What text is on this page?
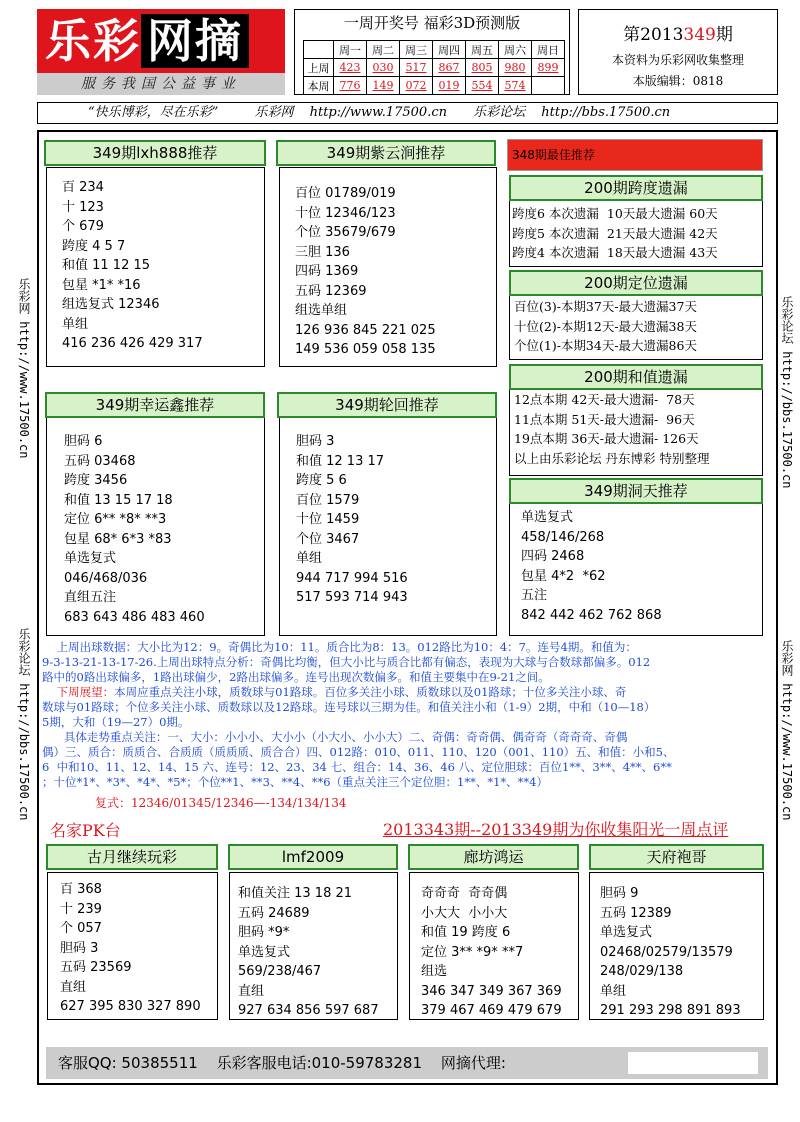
乐彩 网摘
服务我国公益事业
一周开奖号 福彩3D预测版
	周一	周二	周三	周四	周五	周六	周日
上周	423	030	517	867	805	980	899
本周	776	149	072	019	554	574	
第2013349期
本资料为乐彩网收集整理
本版编辑：0818
“快乐博彩，尽在乐彩”	乐彩网 http://www.17500.cn 乐彩论坛 http://bbs.17500.cn
乐彩网 http://www.17500.cn
乐彩论坛 http://bbs.17500.cn
乐彩论坛 http://bbs.17500.cn
乐彩网 http://www.17500.cn
349期lxh888推荐
百 234
十 123
个 679
跨度 4 5 7
和值 11 12 15
包星 *1* *16
组选复式 12346
单组
416 236 426 429 317
349期紫云涧推荐
百位 01789/019
十位 12346/123
个位 35679/679
三胆 136
四码 1369
五码 12369
组选单组
126 936 845 221 025
149 536 059 058 135
349期幸运鑫推荐
胆码 6
五码 03468
跨度 3456
和值 13 15 17 18
定位 6** *8* **3
包星 68* 6*3 *83
单选复式
046/468/036
直组五注
683 643 486 483 460
349期轮回推荐
胆码 3
和值 12 13 17
跨度 5 6
百位 1579
十位 1459
个位 3467
单组
944 717 994 516
517 593 714 943
348期最佳推荐
200期跨度遗漏
跨度6 本次遗漏  10天最大遗漏 60天
跨度5 本次遗漏  21天最大遗漏 42天
跨度4 本次遗漏  18天最大遗漏 43天
200期定位遗漏
百位(3)-本期37天-最大遗漏37天
十位(2)-本期12天-最大遗漏38天
个位(1)-本期34天-最大遗漏86天
200期和值遗漏
12点本期 42天-最大遗漏-  78天
11点本期 51天-最大遗漏-  96天
19点本期 36天-最大遗漏- 126天
以上由乐彩论坛 丹东博彩 特别整理
349期洞天推荐
单选复式
458/146/268
四码 2468
包星 4*2  *62
五注
842 442 462 762 868
上周出球数据：大小比为12：9。奇偶比为10：11。质合比为8：13。012路比为10：4：7。连号4期。和值为：
9-3-13-21-13-17-26.上周出球特点分析：奇偶比均衡，但大小比与质合比都有偏态，表现为大球与合数球都偏多。012
路中的0路出球偏多，1路出球偏少，2路出球偏多。连号出现次数偏多。和值主要集中在9-21之间。
下周展望：本周应重点关注小球，质数球与01路球。百位多关注小球、质数球以及01路球；十位多关注小球、奇
数球与01路球；个位多关注小球、质数球以及12路球。连号球以三期为佳。和值关注小和（1-9）2期，中和（10—18）
5期，大和（19—27）0期。
具体走势重点关注：一、大小：小小小、大小小（小大小、小小大）二、奇偶：奇奇偶、偶奇奇（奇奇奇、奇偶
偶）三、质合：质质合、合质质（质质质、质合合）四、012路：010、011、110、120（001、110）五、和值：小和5、
6  中和10、11、12、14、15 六、连号：12、23、34 七、组合：14、36、46 八、定位胆球：百位1**、3**、4**、6**
；十位*1*、*3*、*4*、*5*；个位**1、**3、**4、**6（重点关注三个定位胆：1**、*1*、**4）
复式：12346/01345/12346—-134/134/134
名家PK台	2013343期--2013349期为你收集阳光一周点评
古月继续玩彩
百 368
十 239
个 057
胆码 3
五码 23569
直组
627 395 830 327 890
lmf2009
和值关注 13 18 21
五码 24689
胆码 *9*
单选复式
569/238/467
直组
927 634 856 597 687
廊坊鸿运
奇奇奇  奇奇偶
小大大  小小大
和值 19 跨度 6
定位 3** *9* **7
组选
346 347 349 367 369
379 467 469 479 679
天府袍哥
胆码 9
五码 12389
单选复式
02468/02579/13579
248/029/138
单组
291 293 298 891 893
客服QQ: 50385511 乐彩客服电话:010-59783281 网摘代理:
